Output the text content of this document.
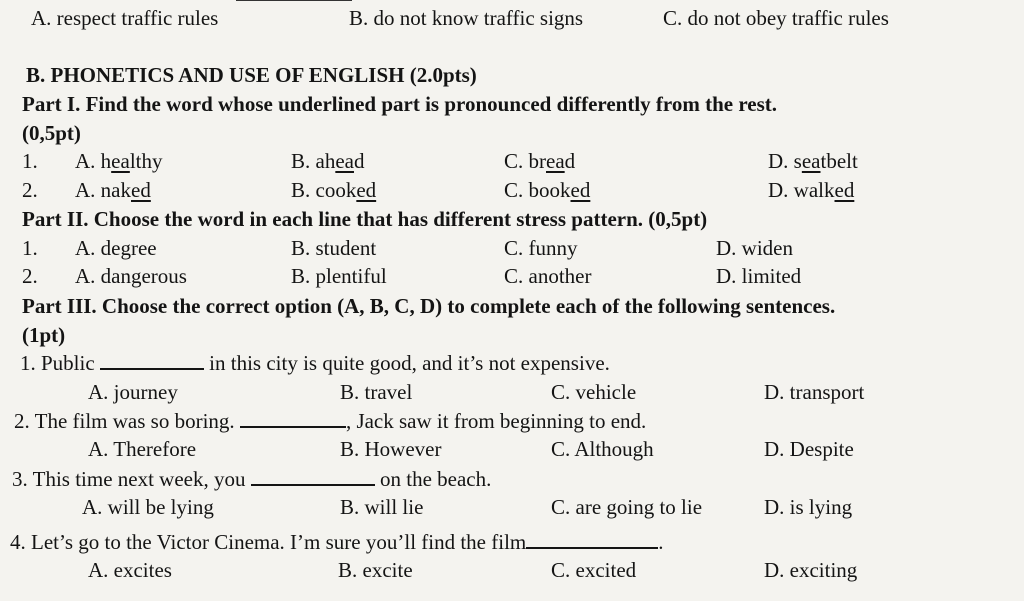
A. respect traffic rules	B. do not know traffic signs	C. do not obey traffic rules
B. PHONETICS AND USE OF ENGLISH (2.0pts)
Part I. Find the word whose underlined part is pronounced differently from the rest.
(0,5pt)
1. A. healthy	B. ahead	C. bread	D. seatbelt
2. A. naked	B. cooked	C. booked	D. walked
Part II. Choose the word in each line that has different stress pattern. (0,5pt)
1. A. degree	B. student	C. funny	D. widen
2. A. dangerous	B. plentiful	C. another	D. limited
Part III. Choose the correct option (A, B, C, D) to complete each of the following sentences.
(1pt)
1. Public	in this city is quite good, and it’s not expensive.
A. journey	B. travel	C. vehicle	D. transport
2. The film was so boring.	, Jack saw it from beginning to end.
A. Therefore	B. However	C. Although	D. Despite
3. This time next week, you	on the beach.
A. will be lying	B. will lie	C. are going to lie	D. is lying
4. Let’s go to the Victor Cinema. I’m sure you’ll find the film	.
A. excites	B. excite	C. excited	D. exciting
